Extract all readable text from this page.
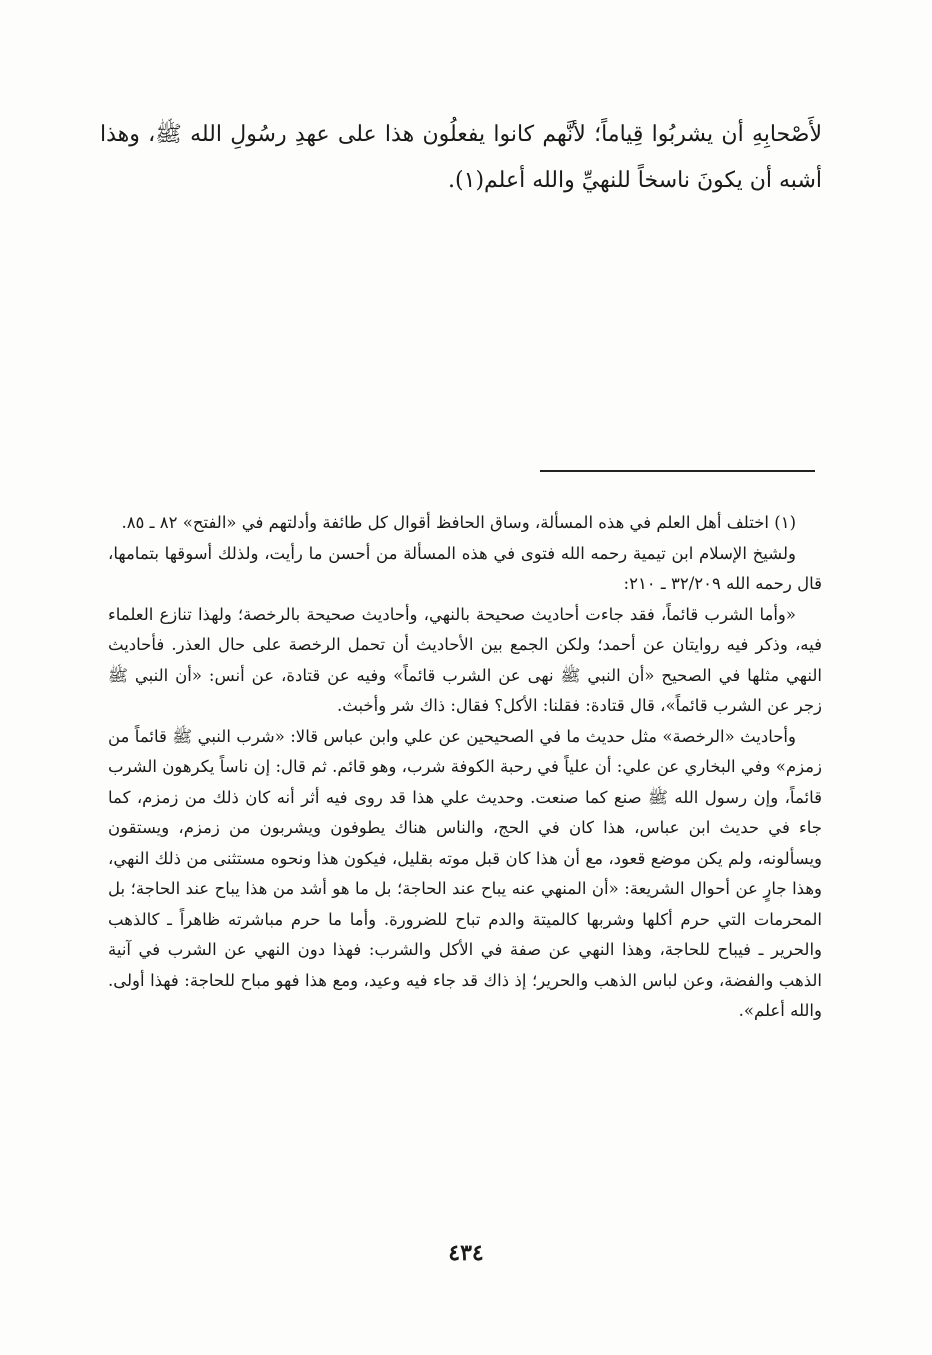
لأَصْحابِهِ أن يشربُوا قِياماً؛ لأنَّهم كانوا يفعلُون هذا على عهدِ رسُولِ الله ﷺ، وهذا أشبه أن يكونَ ناسخاً للنهيِّ والله أعلم(١).

(١) اختلف أهل العلم في هذه المسألة، وساق الحافظ أقوال كل طائفة وأدلتهم في «الفتح» ٨٢ ـ ٨٥.

ولشيخ الإسلام ابن تيمية رحمه الله فتوى في هذه المسألة من أحسن ما رأيت، ولذلك أسوقها بتمامها، قال رحمه الله ٣٢/٢٠٩ ـ ٢١٠:

«وأما الشرب قائماً، فقد جاءت أحاديث صحيحة بالنهي، وأحاديث صحيحة بالرخصة؛ ولهذا تنازع العلماء فيه، وذكر فيه روايتان عن أحمد؛ ولكن الجمع بين الأحاديث أن تحمل الرخصة على حال العذر. فأحاديث النهي مثلها في الصحيح «أن النبي ﷺ نهى عن الشرب قائماً» وفيه عن قتادة، عن أنس: «أن النبي ﷺ زجر عن الشرب قائماً»، قال قتادة: فقلنا: الأكل؟ فقال: ذاك شر وأخبث.

وأحاديث «الرخصة» مثل حديث ما في الصحيحين عن علي وابن عباس قالا: «شرب النبي ﷺ قائماً من زمزم» وفي البخاري عن علي: أن علياً في رحبة الكوفة شرب، وهو قائم. ثم قال: إن ناساً يكرهون الشرب قائماً، وإن رسول الله ﷺ صنع كما صنعت. وحديث علي هذا قد روى فيه أثر أنه كان ذلك من زمزم، كما جاء في حديث ابن عباس، هذا كان في الحج، والناس هناك يطوفون ويشربون من زمزم، ويستقون ويسألونه، ولم يكن موضع قعود، مع أن هذا كان قبل موته بقليل، فيكون هذا ونحوه مستثنى من ذلك النهي، وهذا جارٍ عن أحوال الشريعة: «أن المنهي عنه يباح عند الحاجة؛ بل ما هو أشد من هذا يباح عند الحاجة؛ بل المحرمات التي حرم أكلها وشربها كالميتة والدم تباح للضرورة. وأما ما حرم مباشرته ظاهراً ـ كالذهب والحرير ـ فيباح للحاجة، وهذا النهي عن صفة في الأكل والشرب: فهذا دون النهي عن الشرب في آنية الذهب والفضة، وعن لباس الذهب والحرير؛ إذ ذاك قد جاء فيه وعيد، ومع هذا فهو مباح للحاجة: فهذا أولى. والله أعلم».

٤٣٤
